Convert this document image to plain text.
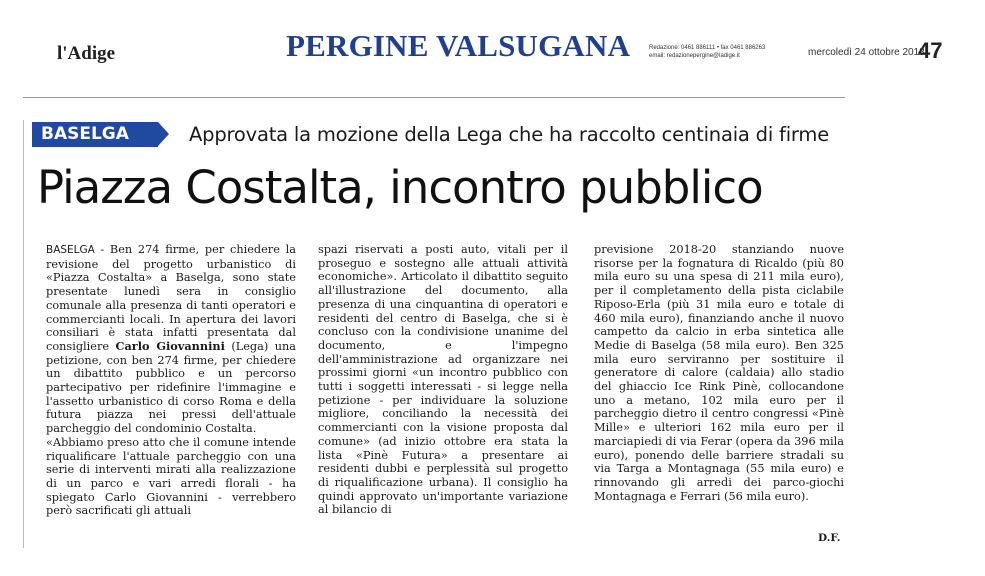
l'Adige	PERGINE VALSUGANA	Redazione: 0461 886111 • fax 0461 886263
email: redazionepergine@ladige.it	mercoledì 24 ottobre 2018
47
BASELGA	Approvata la mozione della Lega che ha raccolto centinaia di firme
Piazza Costalta, incontro pubblico

BASELGA - Ben 274 firme, per chiedere la revisione del progetto urbanistico di «Piazza Costalta» a Baselga, sono state presentate lunedì sera in consiglio comunale alla presenza di tanti operatori e commercianti locali. In apertura dei lavori consiliari è stata infatti presentata dal consigliere Carlo Giovannini (Lega) una petizione, con ben 274 firme, per chiedere un dibattito pubblico e un percorso partecipativo per ridefinire l'immagine e l'assetto urbanistico di corso Roma e della futura piazza nei pressi dell'attuale parcheggio del condominio Costalta.

«Abbiamo preso atto che il comune intende riqualificare l'attuale parcheggio con una serie di interventi mirati alla realizzazione di un parco e vari arredi florali - ha spiegato Carlo Giovannini - verrebbero però sacrificati gli attuali

spazi riservati a posti auto, vitali per il proseguo e sostegno alle attuali attività economiche». Articolato il dibattito seguito all'illustrazione del documento, alla presenza di una cinquantina di operatori e residenti del centro di Baselga, che si è concluso con la condivisione unanime del documento, e l'impegno dell'amministrazione ad organizzare nei prossimi giorni «un incontro pubblico con tutti i soggetti interessati - si legge nella petizione - per individuare la soluzione migliore, conciliando la necessità dei commercianti con la visione proposta dal comune» (ad inizio ottobre era stata la lista «Pinè Futura» a presentare ai residenti dubbi e perplessità sul progetto di riqualificazione urbana). Il consiglio ha quindi approvato un'importante variazione al bilancio di

previsione 2018-20 stanziando nuove risorse per la fognatura di Ricaldo (più 80 mila euro su una spesa di 211 mila euro), per il completamento della pista ciclabile Riposo-Erla (più 31 mila euro e totale di 460 mila euro), finanziando anche il nuovo campetto da calcio in erba sintetica alle Medie di Baselga (58 mila euro). Ben 325 mila euro serviranno per sostituire il generatore di calore (caldaia) allo stadio del ghiaccio Ice Rink Pinè, collocandone uno a metano, 102 mila euro per il parcheggio dietro il centro congressi «Pinè Mille» e ulteriori 162 mila euro per il marciapiedi di via Ferar (opera da 396 mila euro), ponendo delle barriere stradali su via Targa a Montagnaga (55 mila euro) e rinnovando gli arredi dei parco-giochi Montagnaga e Ferrari (56 mila euro).

D.F.
